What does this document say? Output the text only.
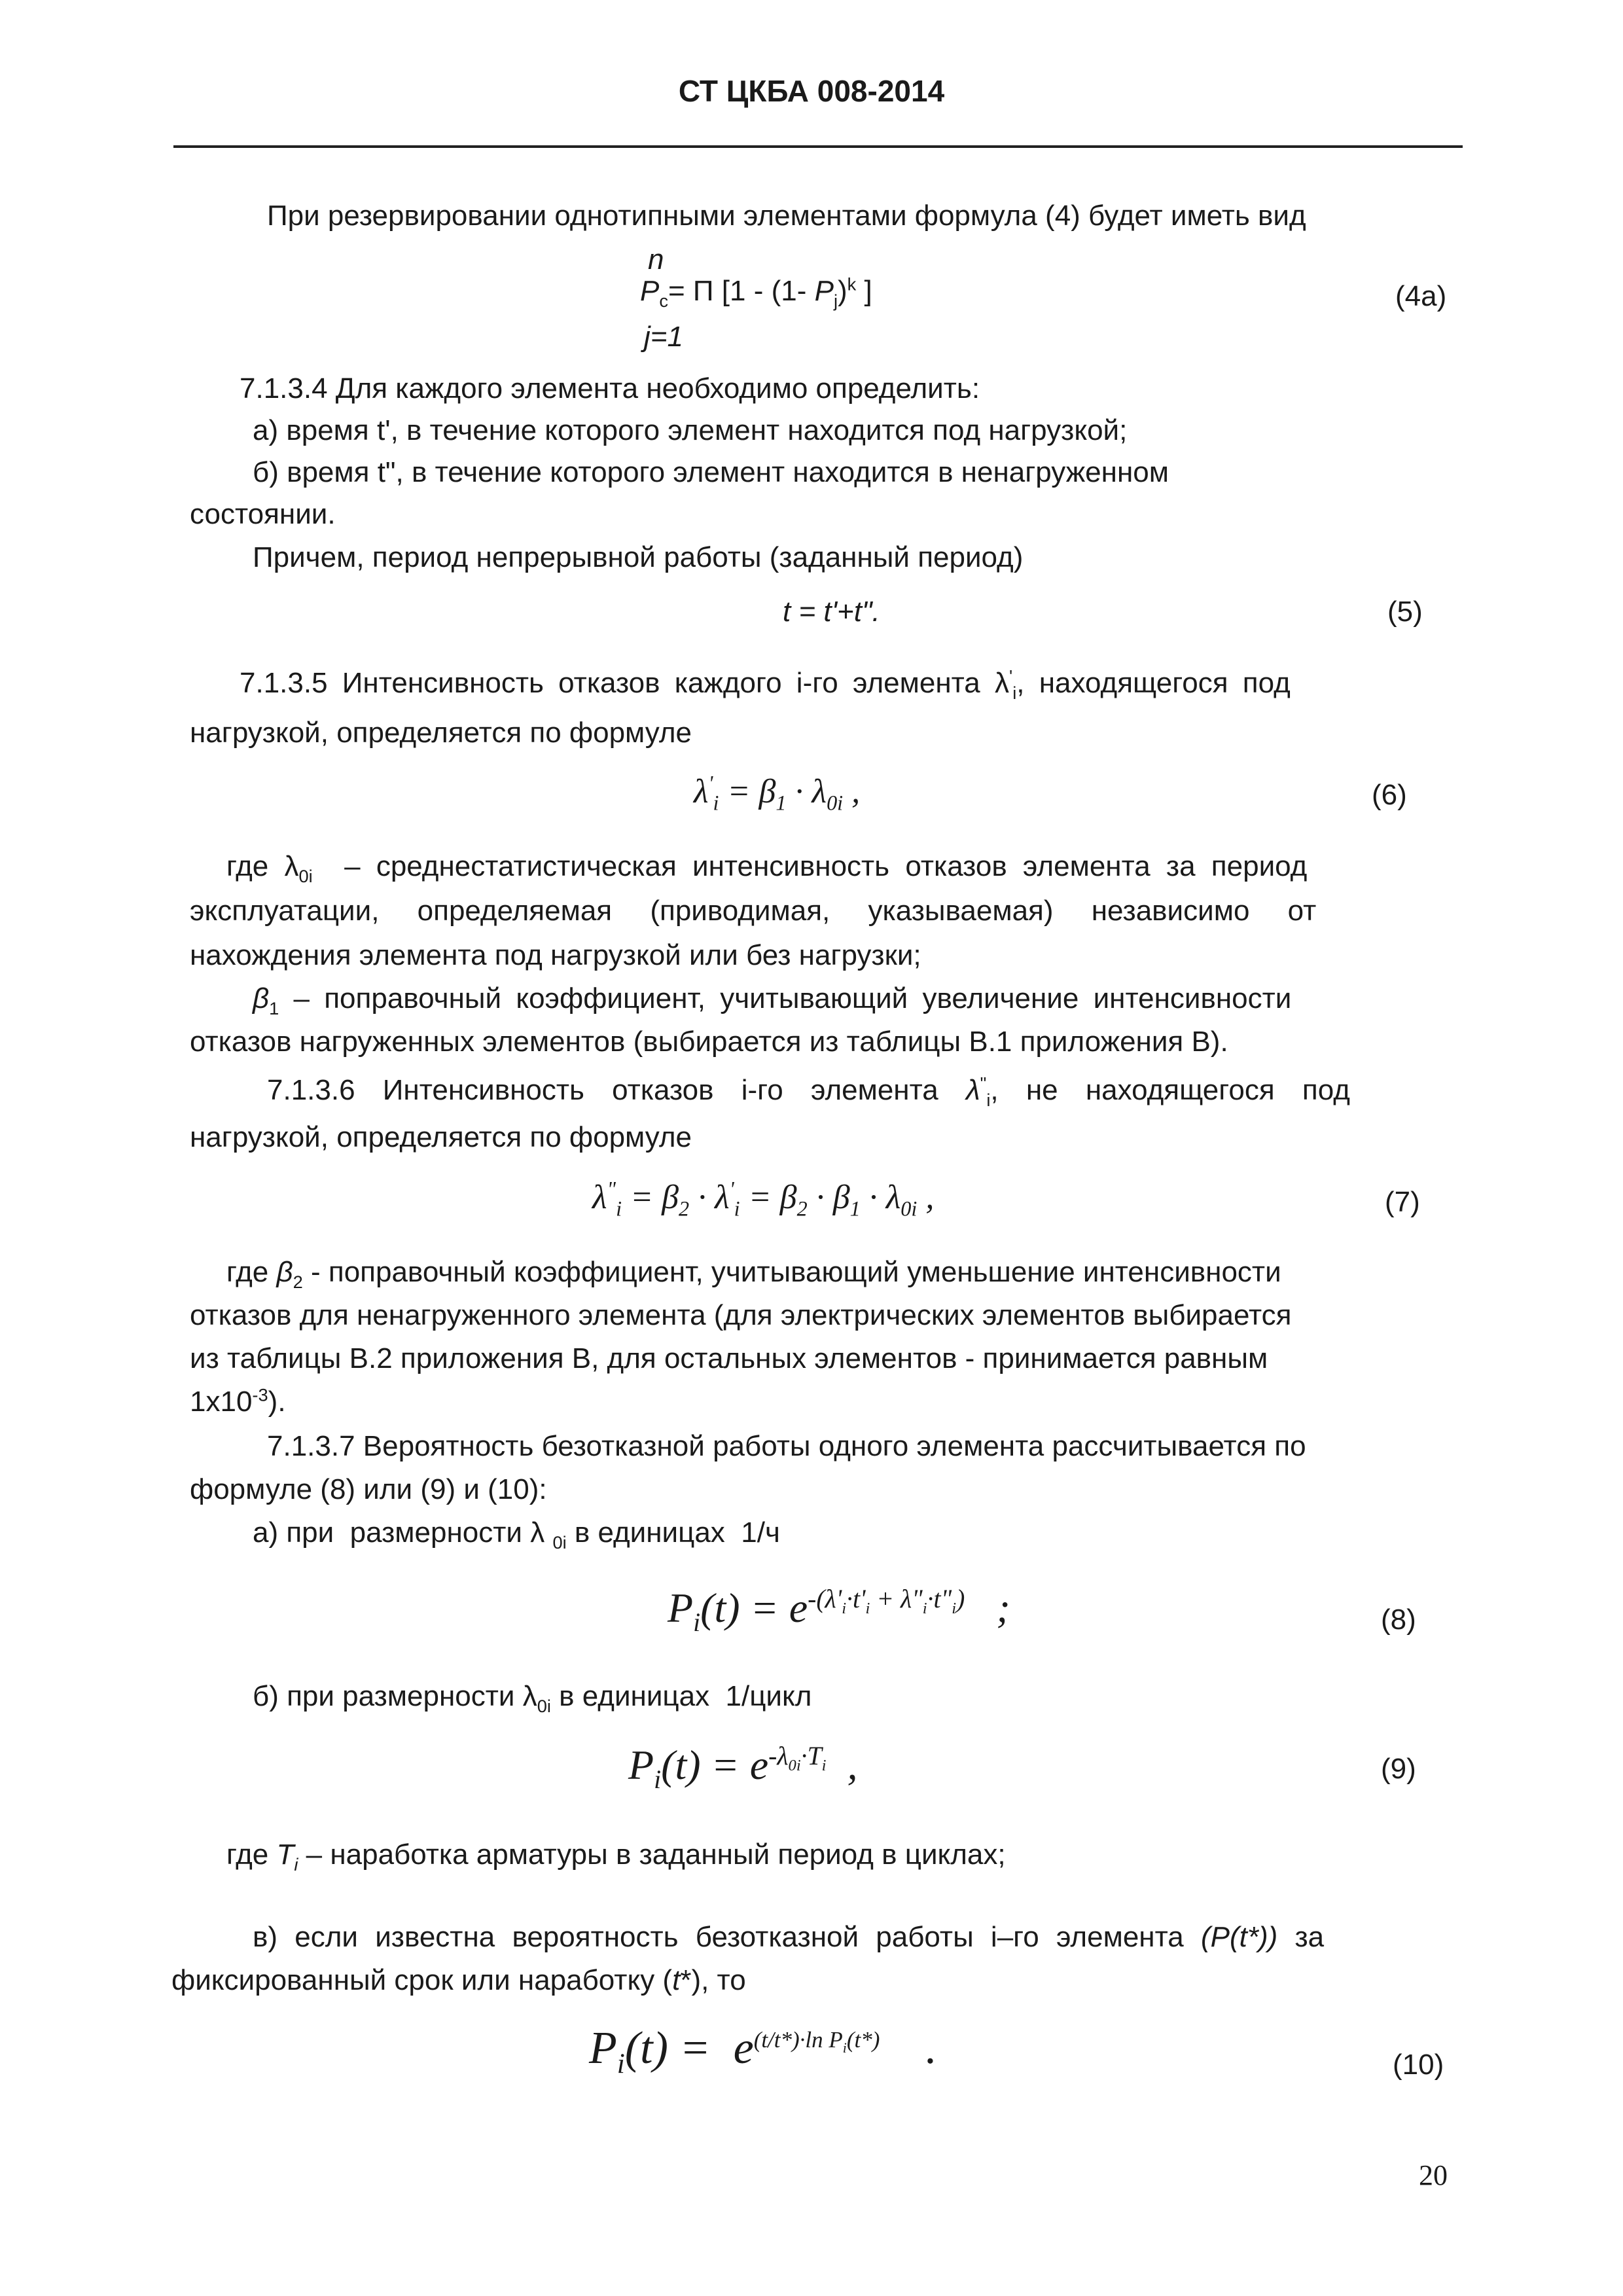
СТ ЦКБА 008-2014
При резервировании однотипными элементами формула (4) будет иметь вид
n
$P_c= П$ [1 - (1- $P_j)^k$ ]
j=1
(4а)
7.1.3.4 Для каждого элемента необходимо определить:
а) время t', в течение которого элемент находится под нагрузкой;
б) время t", в течение которого элемент находится в ненагруженном
состоянии.
Причем, период непрерывной работы (заданный период)
t = t'+t".	(5)
7.1.3.5 Интенсивность отказов каждого i-го элемента $\lambda'_i$, находящегося под
нагрузкой, определяется по формуле
$\lambda'_i = \beta_1 \cdot \lambda_{0i}$ ,	(6)
где $\lambda_{0i}$  – среднестатистическая интенсивность отказов элемента за период
эксплуатации, определяемая (приводимая, указываемая) независимо от
нахождения элемента под нагрузкой или без нагрузки;
$\beta_1$ – поправочный коэффициент, учитывающий увеличение интенсивности
отказов нагруженных элементов (выбирается из таблицы В.1 приложения В).
7.1.3.6 Интенсивность отказов i-го элемента $\lambda^"_i$, не находящегося под
нагрузкой, определяется по формуле
$\lambda^"_i = \beta_2 \cdot \lambda'_i = \beta_2 \cdot \beta_1 \cdot \lambda_{0i}$ ,	(7)
где $\beta_2$ - поправочный коэффициент, учитывающий уменьшение интенсивности
отказов для ненагруженного элемента (для электрических элементов выбирается
из таблицы В.2 приложения В, для остальных элементов - принимается равным
$1x10^{-3}$).
7.1.3.7 Вероятность безотказной работы одного элемента рассчитывается по
формуле (8) или (9) и (10):
а) при  размерности λ $_{0i}$ в единицах  1/ч
$P_i(t) = e^{-(\lambda'_i\cdot t'_i + \lambda"_i\cdot t"_i)}$   ;	(8)
б) при размерности $\lambda_{0i}$ в единицах  1/цикл
$P_i(t) = e^{-\lambda_{0i}\cdot T_i}$  ,	(9)
где $T_i$ – наработка арматуры в заданный период в циклах;
в) если известна вероятность безотказной работы i–го элемента (P(t*)) за
фиксированный срок или наработку (t*), то
$P_i(t) = e^{(t/t*)\cdot ln P_i(t*)}$    .	(10)
20
